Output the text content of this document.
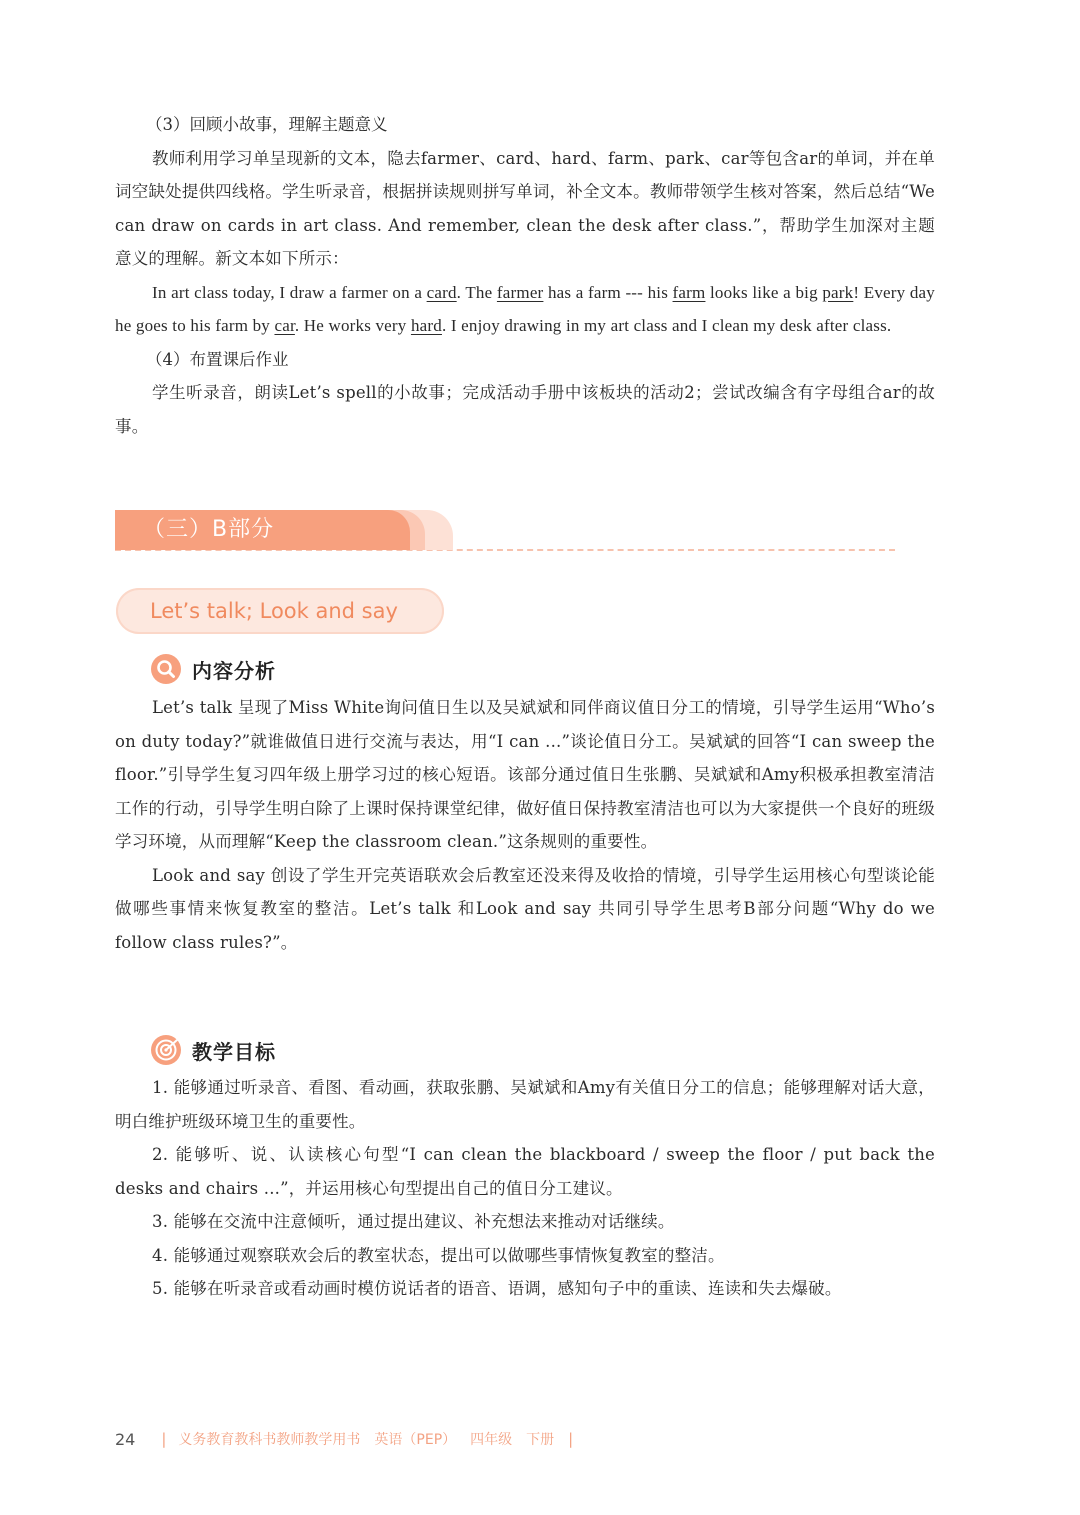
（3）回顾小故事，理解主题意义

教师利用学习单呈现新的文本，隐去farmer、card、hard、farm、park、car等包含ar的单词，并在单词空缺处提供四线格。学生听录音，根据拼读规则拼写单词，补全文本。教师带领学生核对答案，然后总结“We can draw on cards in art class. And remember, clean the desk after class.”，帮助学生加深对主题意义的理解。新文本如下所示：

In art class today, I draw a farmer on a card. The farmer has a farm --- his farm looks like a big park! Every day he goes to his farm by car. He works very hard. I enjoy drawing in my art class and I clean my desk after class.

（4）布置课后作业

学生听录音，朗读Let’s spell的小故事；完成活动手册中该板块的活动2；尝试改编含有字母组合ar的故事。

（三）B部分
Let’s talk; Look and say
内容分析

Let’s talk 呈现了Miss White询问值日生以及吴斌斌和同伴商议值日分工的情境，引导学生运用“Who’s on duty today?”就谁做值日进行交流与表达，用“I can ...”谈论值日分工。吴斌斌的回答“I can sweep the floor.”引导学生复习四年级上册学习过的核心短语。该部分通过值日生张鹏、吴斌斌和Amy积极承担教室清洁工作的行动，引导学生明白除了上课时保持课堂纪律，做好值日保持教室清洁也可以为大家提供一个良好的班级学习环境，从而理解“Keep the classroom clean.”这条规则的重要性。

Look and say 创设了学生开完英语联欢会后教室还没来得及收拾的情境，引导学生运用核心句型谈论能做哪些事情来恢复教室的整洁。Let’s talk 和Look and say 共同引导学生思考B部分问题“Why do we follow class rules?”。

教学目标

1. 能够通过听录音、看图、看动画，获取张鹏、吴斌斌和Amy有关值日分工的信息；能够理解对话大意，明白维护班级环境卫生的重要性。

2. 能够听、说、认读核心句型“I can clean the blackboard / sweep the floor / put back the desks and chairs ...”，并运用核心句型提出自己的值日分工建议。

3. 能够在交流中注意倾听，通过提出建议、补充想法来推动对话继续。

4. 能够通过观察联欢会后的教室状态，提出可以做哪些事情恢复教室的整洁。

5. 能够在听录音或看动画时模仿说话者的语音、语调，感知句子中的重读、连读和失去爆破。

24 | 义务教育教科书教师教学用书 英语（PEP） 四年级 下册 |
